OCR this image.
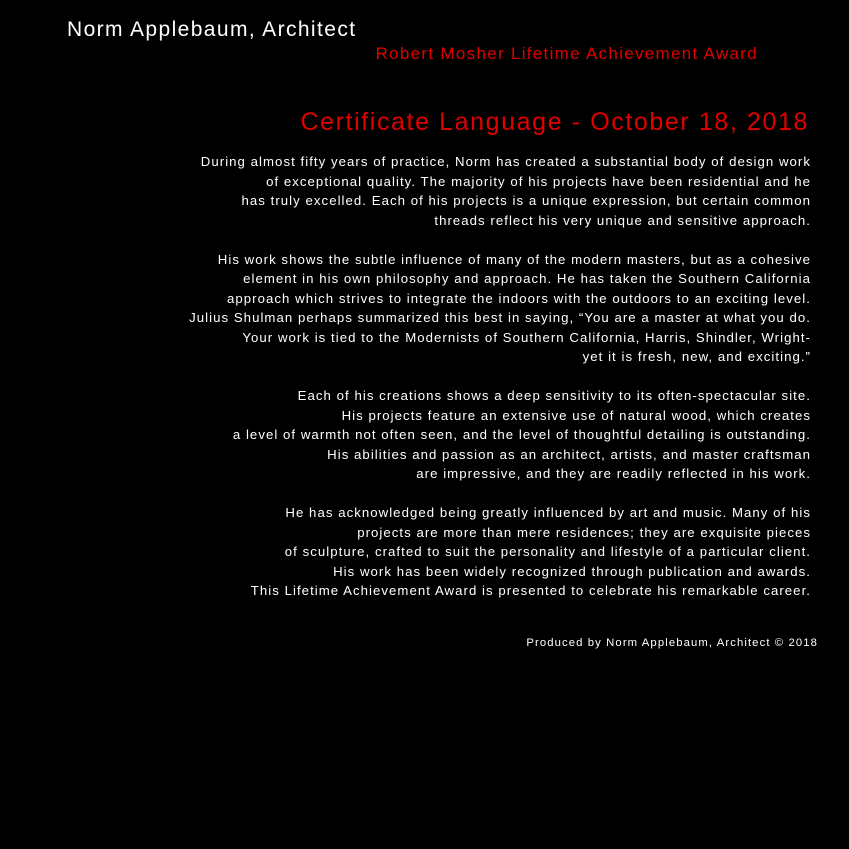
Norm Applebaum, Architect
Robert Mosher Lifetime Achievement Award
Certificate Language - October 18, 2018
During almost fifty years of practice, Norm has created a substantial body of design work
of exceptional quality. The majority of his projects have been residential and he
has truly excelled. Each of his projects is a unique expression, but certain common
threads reflect his very unique and sensitive approach.
His work shows the subtle influence of many of the modern masters, but as a cohesive
element in his own philosophy and approach. He has taken the Southern California
approach which strives to integrate the indoors with the outdoors to an exciting level.
Julius Shulman perhaps summarized this best in saying, “You are a master at what you do.
Your work is tied to the Modernists of Southern California, Harris, Shindler, Wright-
yet it is fresh, new, and exciting.”
Each of his creations shows a deep sensitivity to its often-spectacular site.
His projects feature an extensive use of natural wood, which creates
a level of warmth not often seen, and the level of thoughtful detailing is outstanding.
His abilities and passion as an architect, artists, and master craftsman
are impressive, and they are readily reflected in his work.
He has acknowledged being greatly influenced by art and music. Many of his
projects are more than mere residences; they are exquisite pieces
of sculpture, crafted to suit the personality and lifestyle of a particular client.
His work has been widely recognized through publication and awards.
This Lifetime Achievement Award is presented to celebrate his remarkable career.
Produced by Norm Applebaum, Architect © 2018
